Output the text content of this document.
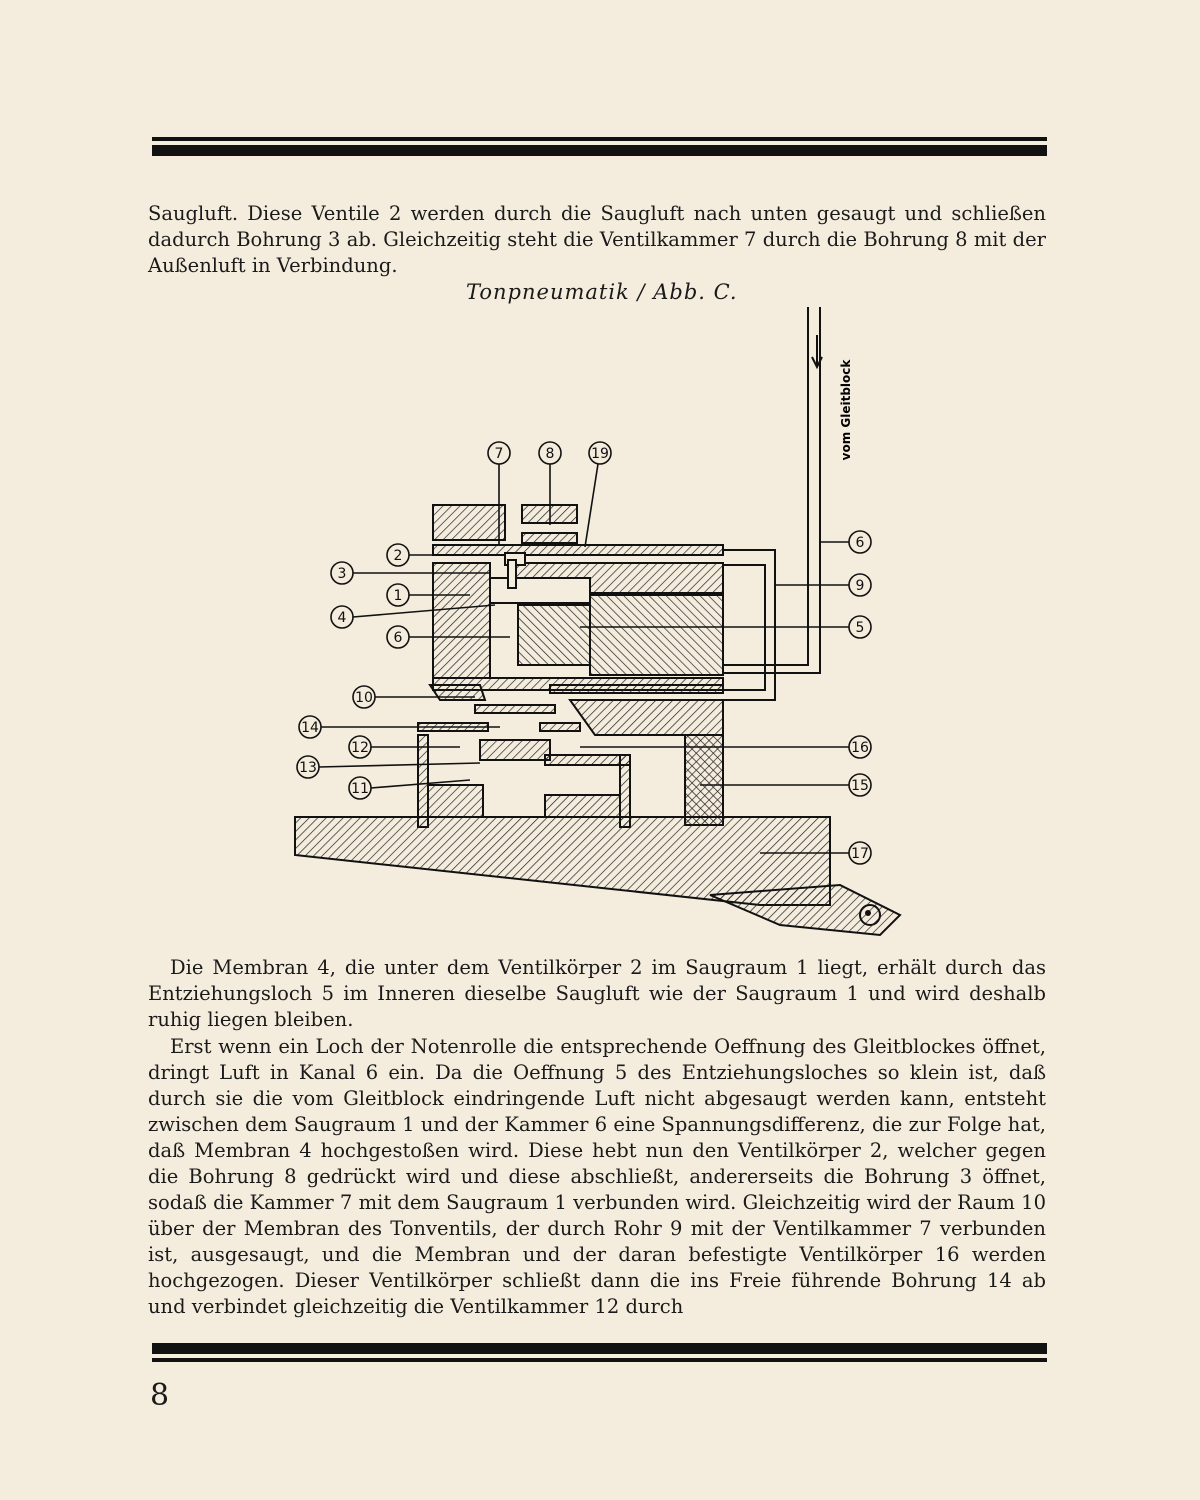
Saugluft. Diese Ventile 2 werden durch die Saugluft nach unten gesaugt und schließen dadurch Bohrung 3 ab. Gleichzeitig steht die Ventilkammer 7 durch die Bohrung 8 mit der Außenluft in Verbindung.
Tonpneumatik / Abb. C.
vom Gleitblock
7	8	19
2
3
1
4
6
10
14
12
13
11
6
9
5
16
15
17
Die Membran 4, die unter dem Ventilkörper 2 im Saugraum 1 liegt, erhält durch das Entziehungsloch 5 im Inneren dieselbe Saugluft wie der Saugraum 1 und wird deshalb ruhig liegen bleiben.
Erst wenn ein Loch der Notenrolle die entsprechende Oeffnung des Gleitblockes öffnet, dringt Luft in Kanal 6 ein. Da die Oeffnung 5 des Entziehungsloches so klein ist, daß durch sie die vom Gleitblock eindringende Luft nicht abgesaugt werden kann, entsteht zwischen dem Saugraum 1 und der Kammer 6 eine Spannungsdifferenz, die zur Folge hat, daß Membran 4 hochgestoßen wird. Diese hebt nun den Ventilkörper 2, welcher gegen die Bohrung 8 gedrückt wird und diese abschließt, andererseits die Bohrung 3 öffnet, sodaß die Kammer 7 mit dem Saugraum 1 verbunden wird. Gleichzeitig wird der Raum 10 über der Membran des Tonventils, der durch Rohr 9 mit der Ventilkammer 7 verbunden ist, ausgesaugt, und die Membran und der daran befestigte Ventilkörper 16 werden hochgezogen. Dieser Ventilkörper schließt dann die ins Freie führende Bohrung 14 ab und verbindet gleichzeitig die Ventilkammer 12 durch
8
